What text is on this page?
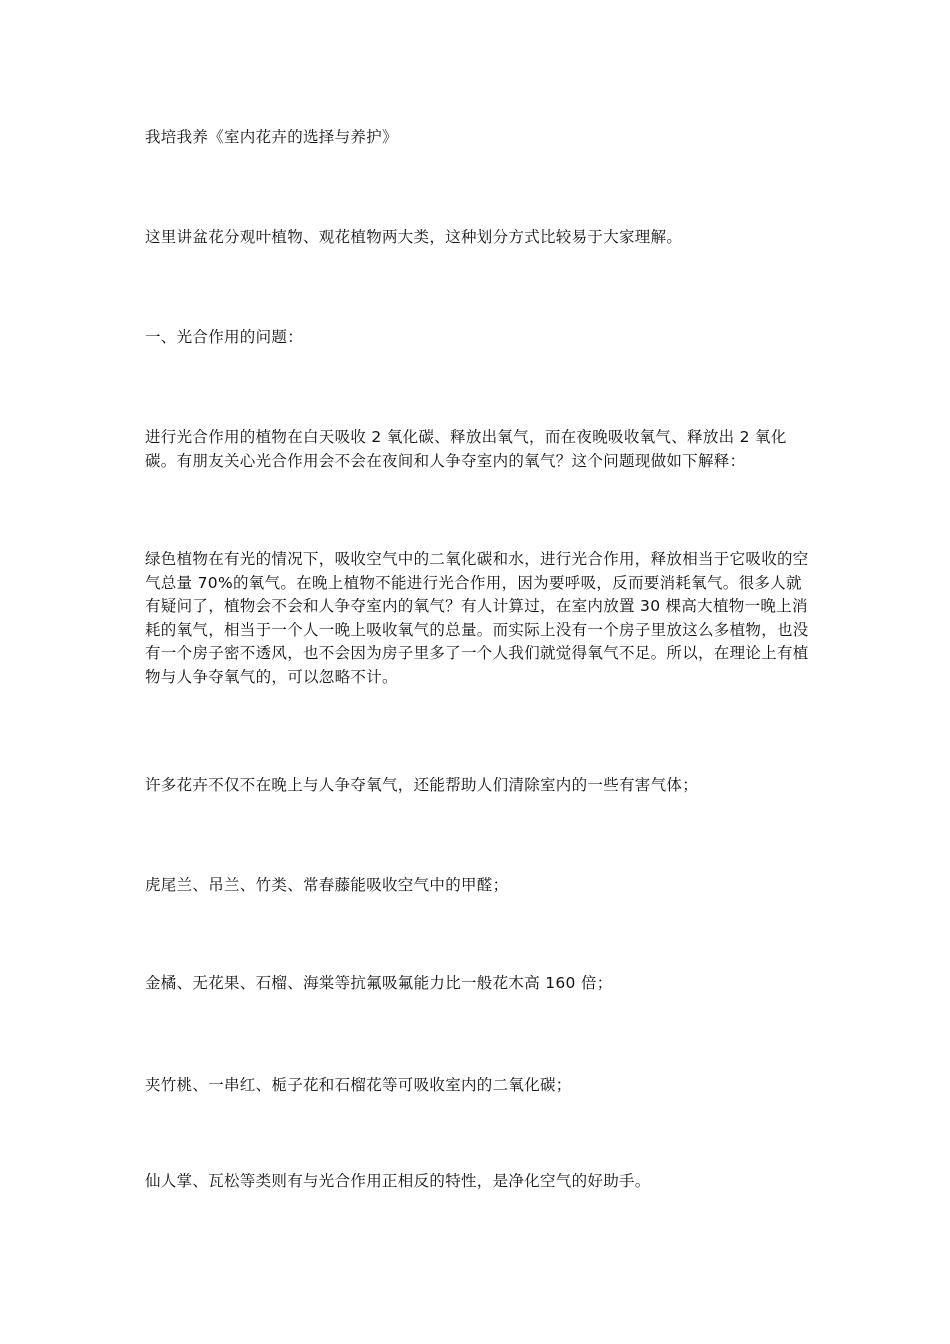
我培我养《室内花卉的选择与养护》

这里讲盆花分观叶植物、观花植物两大类，这种划分方式比较易于大家理解。

一、光合作用的问题：

进行光合作用的植物在白天吸收 2 氧化碳、释放出氧气，而在夜晚吸收氧气、释放出 2 氧化碳。有朋友关心光合作用会不会在夜间和人争夺室内的氧气？这个问题现做如下解释：

绿色植物在有光的情况下，吸收空气中的二氧化碳和水，进行光合作用，释放相当于它吸收的空气总量 70%的氧气。在晚上植物不能进行光合作用，因为要呼吸，反而要消耗氧气。很多人就有疑问了，植物会不会和人争夺室内的氧气？有人计算过，在室内放置 30 棵高大植物一晚上消耗的氧气，相当于一个人一晚上吸收氧气的总量。而实际上没有一个房子里放这么多植物，也没有一个房子密不透风，也不会因为房子里多了一个人我们就觉得氧气不足。所以，在理论上有植物与人争夺氧气的，可以忽略不计。

许多花卉不仅不在晚上与人争夺氧气，还能帮助人们清除室内的一些有害气体；

虎尾兰、吊兰、竹类、常春藤能吸收空气中的甲醛；

金橘、无花果、石榴、海棠等抗氟吸氟能力比一般花木高 160 倍；

夹竹桃、一串红、栀子花和石榴花等可吸收室内的二氧化碳；

仙人掌、瓦松等类则有与光合作用正相反的特性，是净化空气的好助手。
